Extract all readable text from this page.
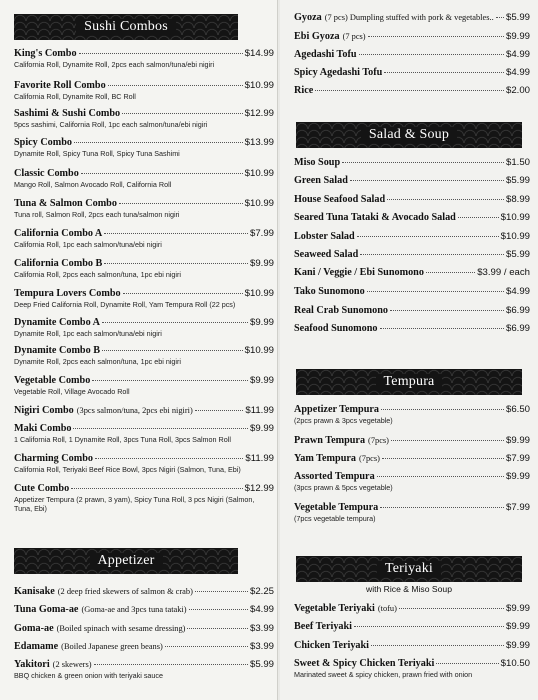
Sushi Combos
Appetizer
Salad & Soup
Tempura
Teriyaki
with Rice & Miso Soup
King's Combo	$14.99
California Roll, Dynamite Roll, 2pcs each salmon/tuna/ebi nigiri
Favorite Roll Combo	$10.99
California Roll, Dynamite Roll, BC Roll
Sashimi & Sushi Combo	$12.99
5pcs sashimi, California Roll, 1pc each salmon/tuna/ebi nigiri
Spicy Combo	$13.99
Dynamite Roll, Spicy Tuna Roll, Spicy Tuna Sashimi
Classic Combo	$10.99
Mango Roll, Salmon Avocado Roll, California Roll
Tuna & Salmon Combo	$10.99
Tuna roll, Salmon Roll, 2pcs each tuna/salmon nigiri
California Combo A	$7.99
California Roll, 1pc each salmon/tuna/ebi nigiri
California Combo B	$9.99
California Roll, 2pcs each salmon/tuna, 1pc ebi nigiri
Tempura Lovers Combo	$10.99
Deep Fried California Roll, Dynamite Roll, Yam Tempura Roll (22 pcs)
Dynamite Combo A	$9.99
Dynamite Roll, 1pc each salmon/tuna/ebi nigiri
Dynamite Combo B	$10.99
Dynamite Roll, 2pcs each salmon/tuna, 1pc ebi nigiri
Vegetable Combo	$9.99
Vegetable Roll, Village Avocado Roll
Nigiri Combo (3pcs salmon/tuna, 2pcs ebi nigiri)	$11.99
Maki Combo	$9.99
1 California Roll, 1 Dynamite Roll, 3pcs Tuna Roll, 3pcs Salmon Roll
Charming Combo	$11.99
California Roll, Teriyaki Beef Rice Bowl, 3pcs Nigiri (Salmon, Tuna, Ebi)
Cute Combo	$12.99
Appetizer Tempura (2 prawn, 3 yam), Spicy Tuna Roll, 3 pcs Nigiri (Salmon, Tuna, Ebi)
Kanisake (2 deep fried skewers of salmon & crab)	$2.25
Tuna Goma-ae (Goma-ae and 3pcs tuna tataki)	$4.99
Goma-ae (Boiled spinach with sesame dressing)	$3.99
Edamame (Boiled Japanese green beans)	$3.99
Yakitori (2 skewers)	$5.99
BBQ chicken & green onion with teriyaki sauce
Gyoza (7 pcs) Dumpling stuffed with pork & vegetables.. $5.99
Ebi Gyoza (7 pcs)	$9.99
Agedashi Tofu	$4.99
Spicy Agedashi Tofu	$4.99
Rice	$2.00
Miso Soup	$1.50
Green Salad	$5.99
House Seafood Salad	$8.99
Seared Tuna Tataki & Avocado Salad	$10.99
Lobster Salad	$10.99
Seaweed Salad	$5.99
Kani / Veggie / Ebi Sunomono	$3.99 / each
Tako Sunomono	$4.99
Real Crab Sunomono	$6.99
Seafood Sunomono	$6.99
Appetizer Tempura	$6.50
(2pcs prawn & 3pcs vegetable)
Prawn Tempura (7pcs)	$9.99
Yam Tempura (7pcs)	$7.99
Assorted Tempura	$9.99
(3pcs prawn & 5pcs vegetable)
Vegetable Tempura	$7.99
(7pcs vegetable tempura)
Vegetable Teriyaki (tofu)	$9.99
Beef Teriyaki	$9.99
Chicken Teriyaki	$9.99
Sweet & Spicy Chicken Teriyaki	$10.50
Marinated sweet & spicy chicken, prawn fried with onion
